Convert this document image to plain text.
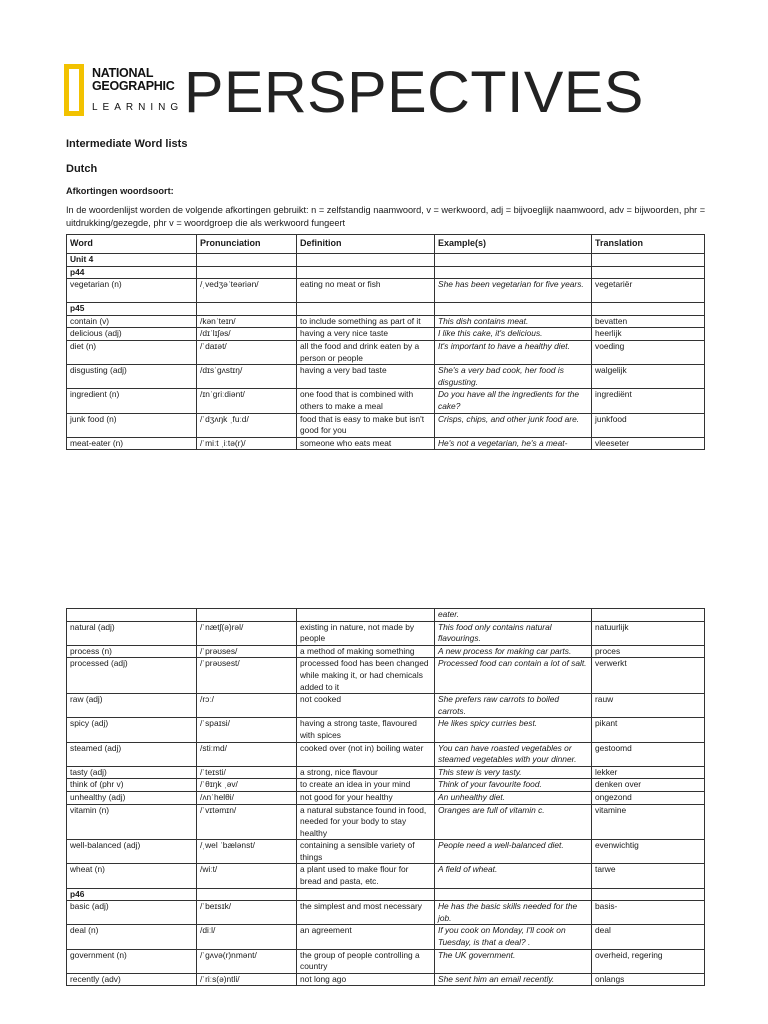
NATIONAL
GEOGRAPHIC
LEARNING PERSPECTIVES
Intermediate Word lists
Dutch
Afkortingen woordsoort:
In de woordenlijst worden de volgende afkortingen gebruikt: n = zelfstandig naamwoord, v = werkwoord, adj = bijvoeglijk naamwoord, adv = bijwoorden, phr = uitdrukking/gezegde, phr v = woordgroep die als werkwoord fungeert
Word	Pronunciation	Definition	Example(s)	Translation
Unit 4				
p44				
vegetarian (n)	/ˌvedʒəˈteəriən/	eating no meat or fish	She has been vegetarian for five years.	vegetariër
p45				
contain (v)	/kənˈteɪn/	to include something as part of it	This dish contains meat.	bevatten
delicious (adj)	/dɪˈlɪʃəs/	having a very nice taste	I like this cake, it's delicious.	heerlijk
diet (n)	/ˈdaɪət/	all the food and drink eaten by a person or people	It's important to have a healthy diet.	voeding
disgusting (adj)	/dɪsˈɡʌstɪŋ/	having a very bad taste	She's a very bad cook, her food is disgusting.	walgelijk
ingredient (n)	/ɪnˈɡriːdiənt/	one food that is combined with others to make a meal	Do you have all the ingredients for the cake?	ingrediënt
junk food (n)	/ˈdʒʌŋk ˌfuːd/	food that is easy to make but isn't good for you	Crisps, chips, and other junk food are.	junkfood
meat-eater (n)	/ˈmiːt ˌiːtə(r)/	someone who eats meat	He's not a vegetarian, he's a meat-	vleeseter
			eater.	
natural (adj)	/ˈnætʃ(ə)rəl/	existing in nature, not made by people	This food only contains natural flavourings.	natuurlijk
process (n)	/ˈprəʊses/	a method of making something	A new process for making car parts.	proces
processed (adj)	/ˈprəʊsest/	processed food has been changed while making it, or had chemicals added to it	Processed food can contain a lot of salt.	verwerkt
raw (adj)	/rɔː/	not cooked	She prefers raw carrots to boiled carrots.	rauw
spicy (adj)	/ˈspaɪsi/	having a strong taste, flavoured with spices	He likes spicy curries best.	pikant
steamed (adj)	/stiːmd/	cooked over (not in) boiling water	You can have roasted vegetables or steamed vegetables with your dinner.	gestoomd
tasty (adj)	/ˈteɪsti/	a strong, nice flavour	This stew is very tasty.	lekker
think of (phr v)	/ˈθɪŋk ˌəv/	to create an idea in your mind	Think of your favourite food.	denken over
unhealthy (adj)	/ʌnˈhelθi/	not good for your healthy	An unhealthy diet.	ongezond
vitamin (n)	/ˈvɪtəmɪn/	a natural substance found in food, needed for your body to stay healthy	Oranges are full of vitamin c.	vitamine
well-balanced (adj)	/ˌwel ˈbælənst/	containing a sensible variety of things	People need a well-balanced diet.	evenwichtig
wheat (n)	/wiːt/	a plant used to make flour for bread and pasta, etc.	A field of wheat.	tarwe
p46				
basic (adj)	/ˈbeɪsɪk/	the simplest and most necessary	He has the basic skills needed for the job.	basis-
deal (n)	/diːl/	an agreement	If you cook on Monday, I'll cook on Tuesday, is that a deal? .	deal
government (n)	/ˈɡʌvə(r)nmənt/	the group of people controlling a country	The UK government.	overheid, regering
recently (adv)	/ˈriːs(ə)ntli/	not long ago	She sent him an email recently.	onlangs
